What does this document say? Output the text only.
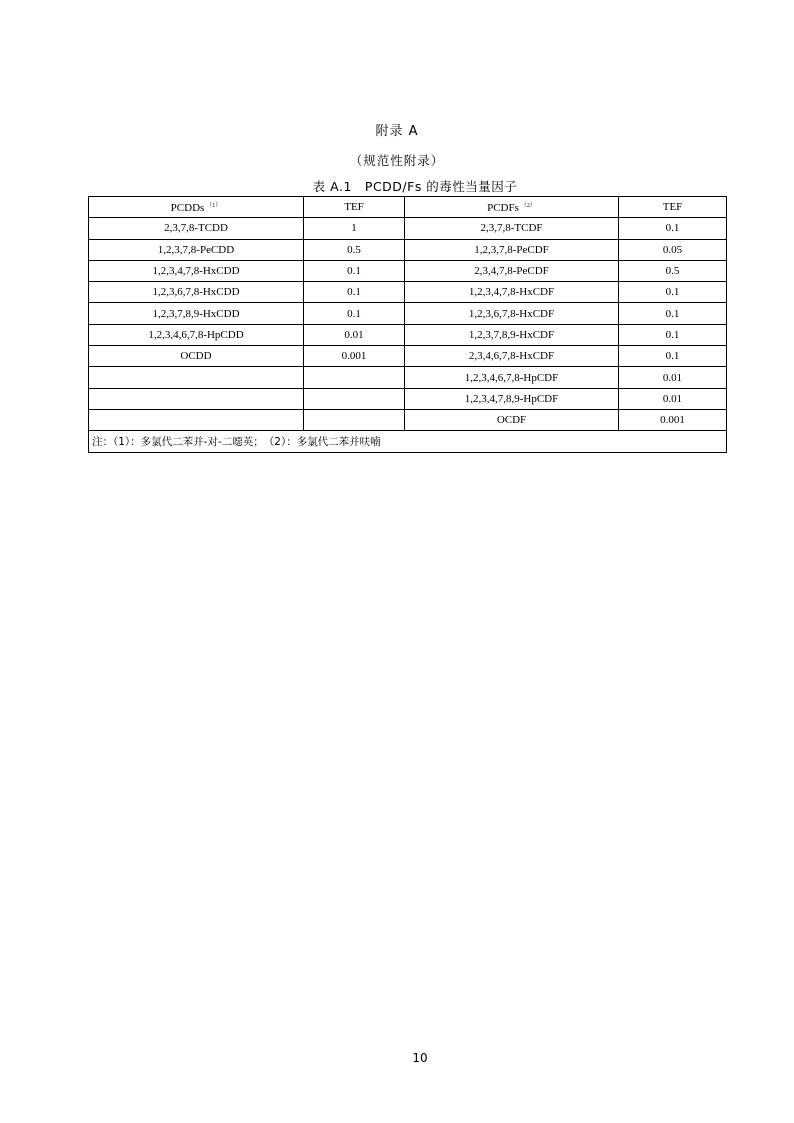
附录 A
（规范性附录）
表 A.1　PCDD/Fs 的毒性当量因子
PCDDs $^{(1)}$	TEF	PCDFs $^{(2)}$	TEF
2,3,7,8-TCDD	1	2,3,7,8-TCDF	0.1
1,2,3,7,8-PeCDD	0.5	1,2,3,7,8-PeCDF	0.05
1,2,3,4,7,8-HxCDD	0.1	2,3,4,7,8-PeCDF	0.5
1,2,3,6,7,8-HxCDD	0.1	1,2,3,4,7,8-HxCDF	0.1
1,2,3,7,8,9-HxCDD	0.1	1,2,3,6,7,8-HxCDF	0.1
1,2,3,4,6,7,8-HpCDD	0.01	1,2,3,7,8,9-HxCDF	0.1
OCDD	0.001	2,3,4,6,7,8-HxCDF	0.1
		1,2,3,4,6,7,8-HpCDF	0.01
		1,2,3,4,7,8,9-HpCDF	0.01
		OCDF	0.001
注：（1）：多氯代二苯并-对-二噁英；　（2）：多氯代二苯并呋喃			
10
